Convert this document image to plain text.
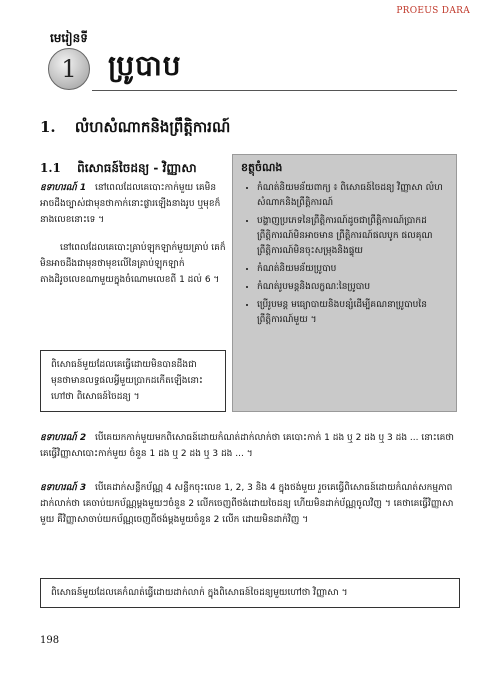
PROEUS DARA
មេរៀនទី
1 ប្រូបាប
1. លំហសំណាកនិងព្រឹត្តិការណ៍
1.1 ពិសោធន៍ចៃដន្យ - វិញ្ញាសា	ខត្ថុចំណង
• កំណត់និយមន័យពាក្យ ៖ ពិសោធន៍ចៃដន្យ វិញ្ញាសា លំហសំណាកនិងព្រឹត្តិការណ៍
• បង្ហាញប្រភេទនៃព្រឹត្តិការណ៍ដូចជាព្រឹត្តិការណ៍ប្រាកដ ព្រឹត្តិការណ៍មិនអាចមាន ព្រឹត្តិការណ៍ផលបូក ផលគុណ ព្រឹត្តិការណ៍មិនចុះសម្រុងនិងផ្ទុយ
• កំណត់និយមន័យប្រូបាប
• កំណត់រូបមន្តនិងលក្ខណៈនៃប្រូបាប
• ប្រើរូបមន្ត មធ្យោបាយនិងបន្សំដើម្បីគណនាប្រូបាបនៃព្រឹត្តិការណ៍មួយ ។
ឧទាហរណ៍ 1 នៅពេលដែលគេបោះកាក់មួយ គេមិនអាចដឹងច្បាស់ជាមុនថាកាក់នោះផ្ងារឡើងនាងរូប ឬមុខក៏នាងលេខនោះទេ ។
នៅពេលដែលគេបោះគ្រាប់ឡុកឡាក់មួយគ្រាប់ គេក៏មិនអាចដឹងជាមុនថាមុខលើនៃគ្រាប់ឡុកឡាក់ តាងដិរូចលេខណាមួយក្នុងចំណោមលេខពី 1 ដល់ 6 ។
ពិសោធន៍មួយដែលគេធ្វើដោយមិនបានដឹងជាមុនថាមានលទ្ធផលអ្វីមួយប្រាកដកើតឡើងនោះហៅថា ពិសោធន៍ចៃដន្យ ។
ឧទាហរណ៍ 2 បើគេយកកាក់មួយមកពិសោធន៍ដោយកំណត់ដាក់លាក់ថា គេបោះកាក់ 1 ដង ឬ 2 ដង ឬ 3 ដង ... នោះគេថា គេធ្វើវិញ្ញាសាបោះកាក់មួយ ចំនួន 1 ដង ឬ 2 ដង ឬ 3 ដង ... ។
ឧទាហរណ៍ 3 បើគេដាក់សន្លឹកប័ណ្ណ 4 សន្លឹកចុះលេខ 1, 2, 3 និង 4 ក្នុងថង់មួយ រួចគេធ្វើពិសោធន៍ដោយកំណត់សកម្មភាពដាក់លាក់ថា គេចាប់យកប័ណ្ណម្តងមួយៗចំនួន 2 លើកចេញពីថង់ដោយចៃដន្យ ហើយមិនដាក់ប័ណ្ណចូលវិញ ។ គេថាគេធ្វើវិញ្ញាសាមួយ គឺវិញ្ញាសាចាប់យកប័ណ្ណចេញពីថង់ម្តងមួយចំនួន 2 លើក ដោយមិនដាក់វិញ ។
ពិសោធន៍មួយដែលគេកំណត់ធ្វើដោយដាក់លាក់ ក្នុងពិសោធន៍ចៃដន្យមួយហៅថា វិញ្ញាសា ។
198
